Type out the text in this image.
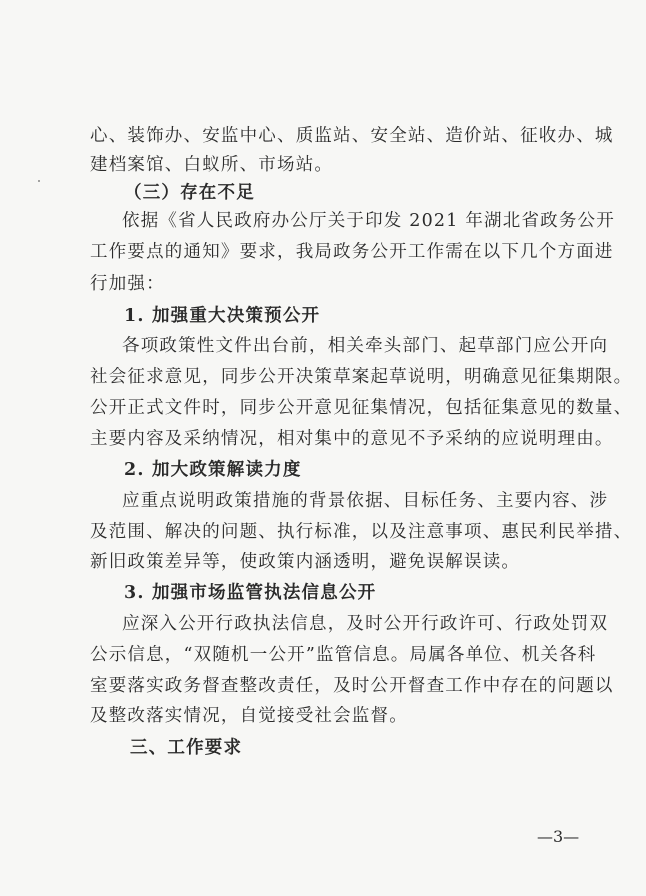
心、装饰办、安监中心、质监站、安全站、造价站、征收办、城
建档案馆、白蚁所、市场站。
（三）存在不足
依据《省人民政府办公厅关于印发 2021 年湖北省政务公开
工作要点的通知》要求，我局政务公开工作需在以下几个方面进
行加强：
1. 加强重大决策预公开
各项政策性文件出台前，相关牵头部门、起草部门应公开向
社会征求意见，同步公开决策草案起草说明，明确意见征集期限。
公开正式文件时，同步公开意见征集情况，包括征集意见的数量、
主要内容及采纳情况，相对集中的意见不予采纳的应说明理由。
2. 加大政策解读力度
应重点说明政策措施的背景依据、目标任务、主要内容、涉
及范围、解决的问题、执行标准，以及注意事项、惠民利民举措、
新旧政策差异等，使政策内涵透明，避免误解误读。
3. 加强市场监管执法信息公开
应深入公开行政执法信息，及时公开行政许可、行政处罚双
公示信息，“双随机一公开”监管信息。局属各单位、机关各科
室要落实政务督查整改责任，及时公开督查工作中存在的问题以
及整改落实情况，自觉接受社会监督。
三、工作要求
—3—
